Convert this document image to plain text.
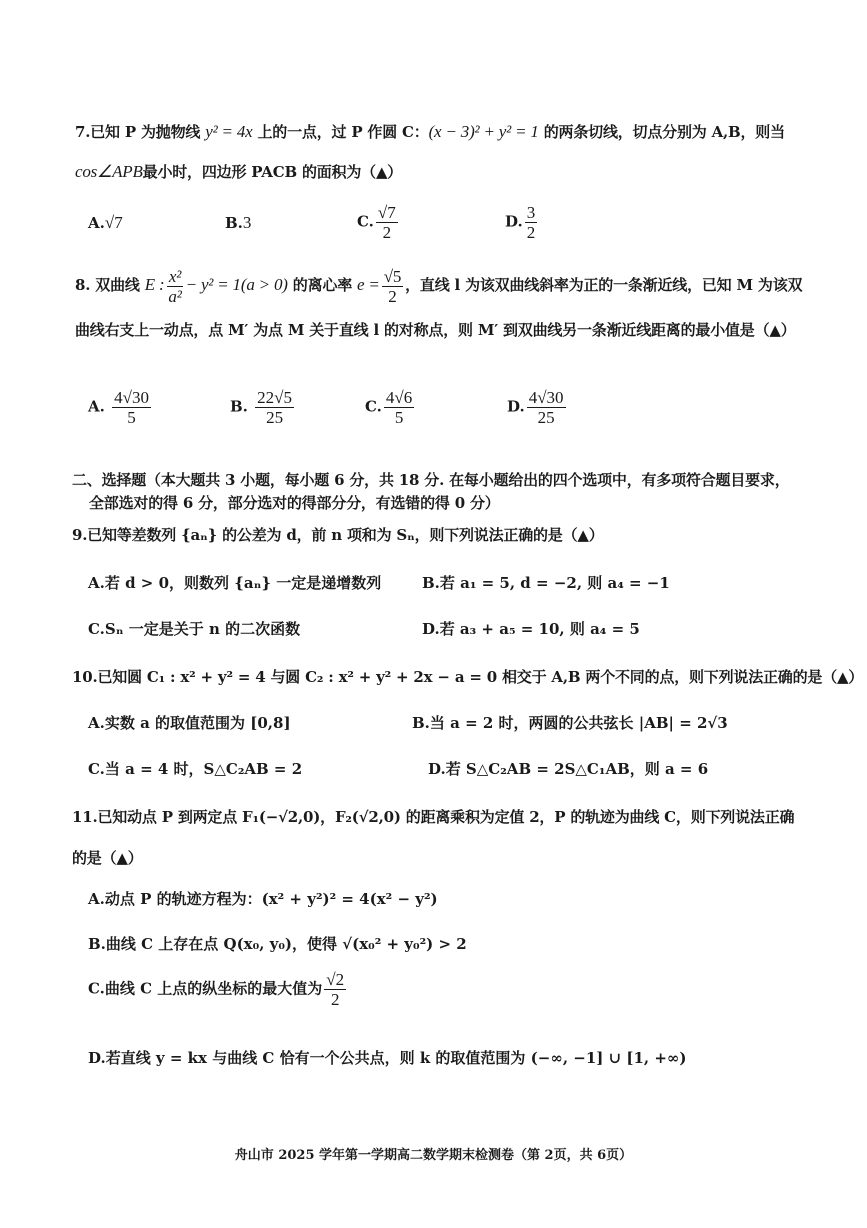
7.已知 P 为抛物线 y² = 4x 上的一点，过 P 作圆 C：(x − 3)² + y² = 1 的两条切线，切点分别为 A,B，则当
cos∠APB最小时，四边形 PACB 的面积为（▲）
A.√7	B.3	C. $\frac{√7}{2}$	D. $\frac{3}{2}$
8. 双曲线 E : $\frac{\text{x²}}{\text{a²}} - y^2 = 1(a > 0)$ 的离心率 $e = \frac{√5}{2}$ ，直线 l 为该双曲线斜率为正的一条渐近线，已知 M 为该双
曲线右支上一动点，点 M′ 为点 M 关于直线 l 的对称点，则 M′ 到双曲线另一条渐近线距离的最小值是（▲）
A. $\frac{4√30}{5}$	B. $\frac{22√5}{25}$	C. $\frac{4√6}{5}$	D. $\frac{4√30}{25}$
二、选择题（本大题共 3 小题，每小题 6 分，共 18 分. 在每小题给出的四个选项中，有多项符合题目要求，
全部选对的得 6 分，部分选对的得部分分，有选错的得 0 分）
9.已知等差数列 {aₙ} 的公差为 d，前 n 项和为 Sₙ，则下列说法正确的是（▲）
A.若 d > 0，则数列 {aₙ} 一定是递增数列	B.若 a₁ = 5, d = −2, 则 a₄ = −1
C.Sₙ 一定是关于 n 的二次函数	D.若 a₃ + a₅ = 10, 则 a₄ = 5
10.已知圆 C₁ : x² + y² = 4 与圆 C₂ : x² + y² + 2x − a = 0 相交于 A,B 两个不同的点，则下列说法正确的是（▲）
A.实数 a 的取值范围为 [0,8]	B.当 a = 2 时，两圆的公共弦长 |AB| = 2√3
C.当 a = 4 时，S△C₂AB = 2	D.若 S△C₂AB = 2S△C₁AB，则 a = 6
11.已知动点 P 到两定点 F₁(−√2,0)，F₂(√2,0) 的距离乘积为定值 2，P 的轨迹为曲线 C，则下列说法正确
的是（▲）
A.动点 P 的轨迹方程为：(x² + y²)² = 4(x² − y²)
B.曲线 C 上存在点 Q(x₀, y₀)，使得 √(x₀² + y₀²) > 2
C.曲线 C 上点的纵坐标的最大值为 $\frac{√2}{2}$
D.若直线 y = kx 与曲线 C 恰有一个公共点，则 k 的取值范围为 (−∞, −1] ∪ [1, +∞)
舟山市 2025 学年第一学期高二数学期末检测卷（第 2页，共 6页）
